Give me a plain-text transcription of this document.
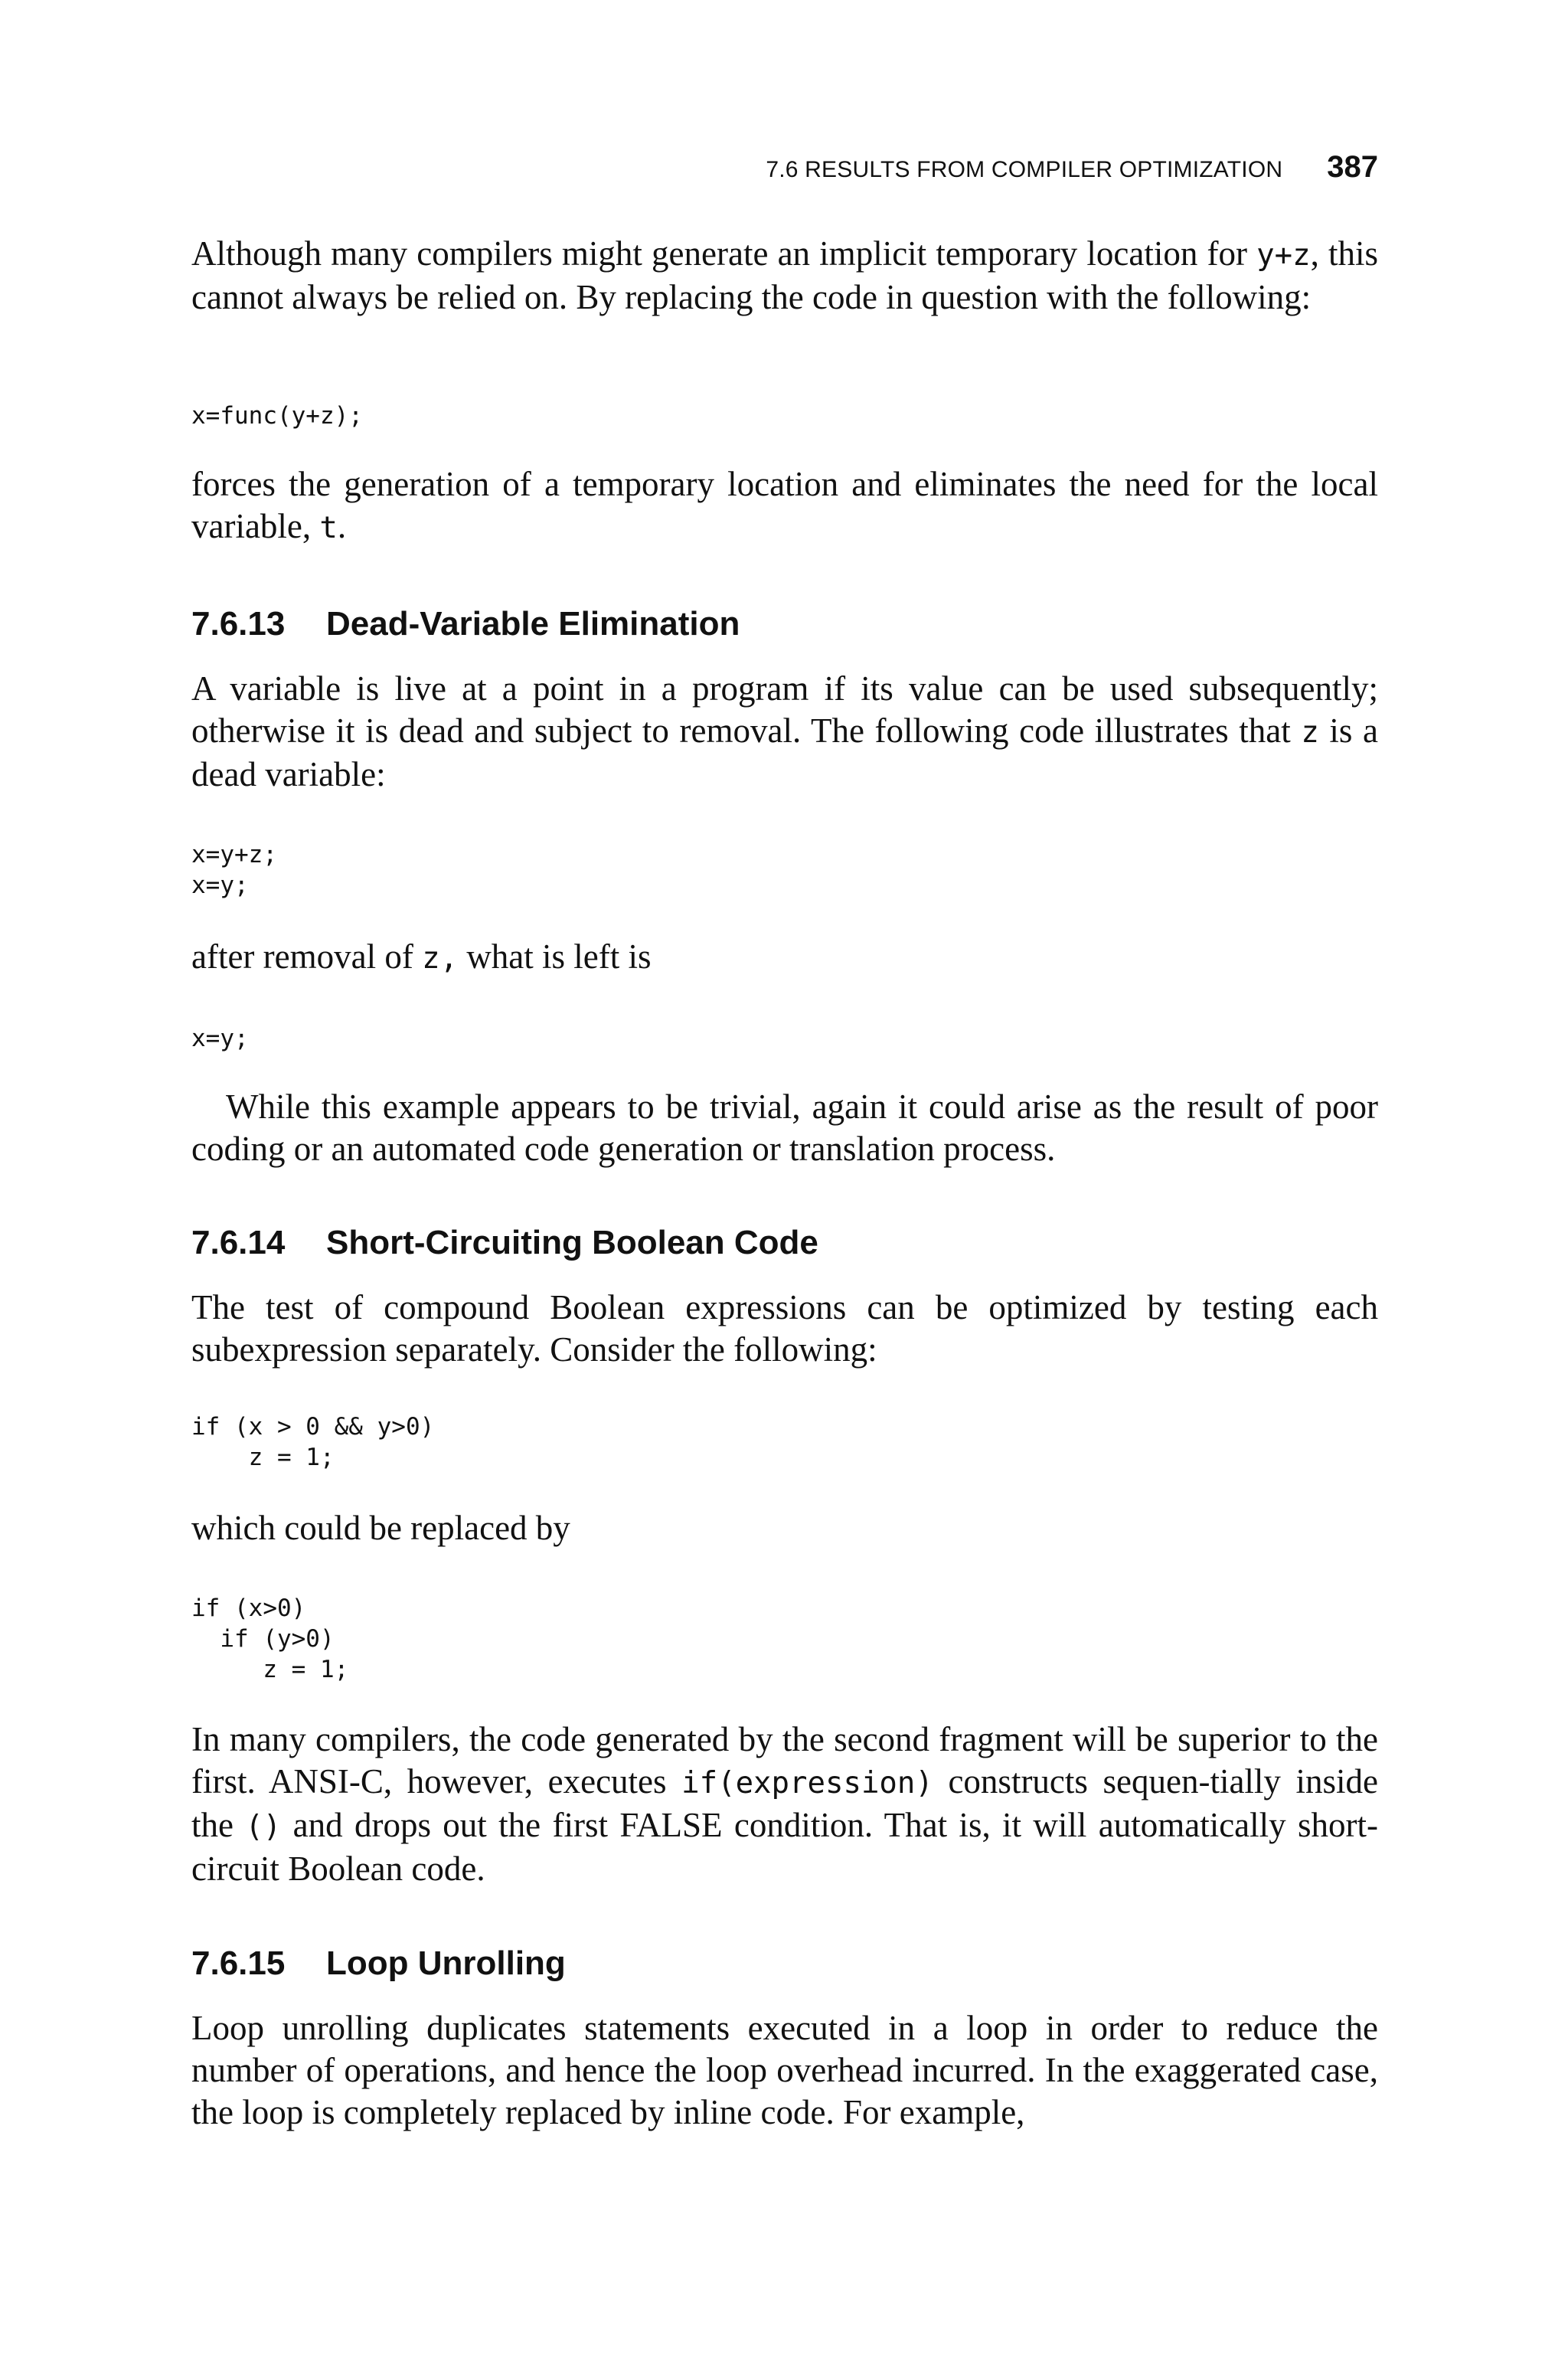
7.6 RESULTS FROM COMPILER OPTIMIZATION 387

Although many compilers might generate an implicit temporary location for y+z, this cannot always be relied on. By replacing the code in question with the following:

x=func(y+z);

forces the generation of a temporary location and eliminates the need for the local variable, t.

7.6.13 Dead-Variable Elimination

A variable is live at a point in a program if its value can be used subsequently; otherwise it is dead and subject to removal. The following code illustrates that z is a dead variable:

x=y+z;
x=y;

after removal of z, what is left is

x=y;

While this example appears to be trivial, again it could arise as the result of poor coding or an automated code generation or translation process.

7.6.14 Short-Circuiting Boolean Code

The test of compound Boolean expressions can be optimized by testing each subexpression separately. Consider the following:

if (x > 0 && y>0)
z = 1;

which could be replaced by

if (x>0)
if (y>0)
z = 1;

In many compilers, the code generated by the second fragment will be superior to the first. ANSI-C, however, executes if(expression) constructs sequen-tially inside the () and drops out the first FALSE condition. That is, it will automatically short-circuit Boolean code.

7.6.15 Loop Unrolling

Loop unrolling duplicates statements executed in a loop in order to reduce the number of operations, and hence the loop overhead incurred. In the exaggerated case, the loop is completely replaced by inline code. For example,
